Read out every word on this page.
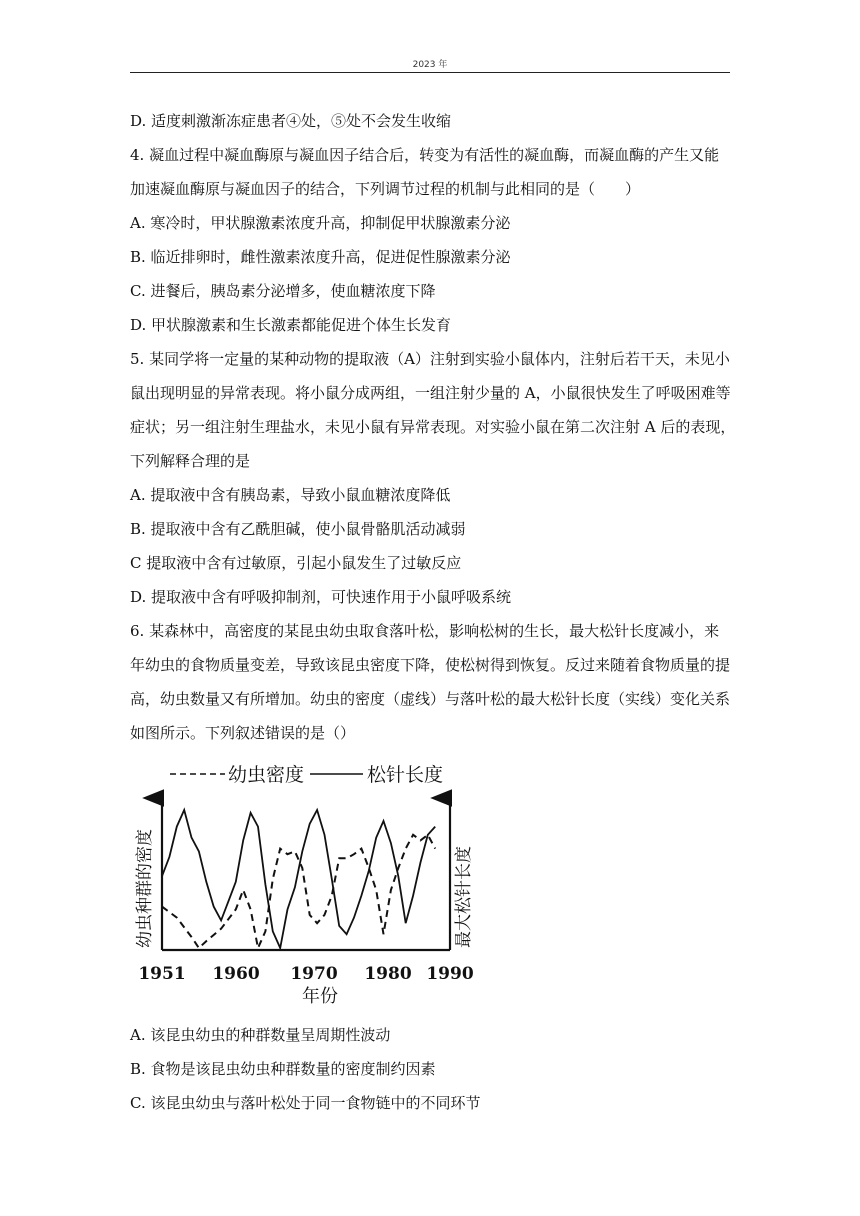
2023 年
D. 适度刺激渐冻症患者④处，⑤处不会发生收缩
4. 凝血过程中凝血酶原与凝血因子结合后，转变为有活性的凝血酶，而凝血酶的产生又能
加速凝血酶原与凝血因子的结合，下列调节过程的机制与此相同的是（　　）
A. 寒冷时，甲状腺激素浓度升高，抑制促甲状腺激素分泌
B. 临近排卵时，雌性激素浓度升高，促进促性腺激素分泌
C. 进餐后，胰岛素分泌增多，使血糖浓度下降
D. 甲状腺激素和生长激素都能促进个体生长发育
5. 某同学将一定量的某种动物的提取液（A）注射到实验小鼠体内，注射后若干天，未见小
鼠出现明显的异常表现。将小鼠分成两组，一组注射少量的 A，小鼠很快发生了呼吸困难等
症状；另一组注射生理盐水，未见小鼠有异常表现。对实验小鼠在第二次注射 A 后的表现，
下列解释合理的是
A. 提取液中含有胰岛素，导致小鼠血糖浓度降低
B. 提取液中含有乙酰胆碱，使小鼠骨骼肌活动减弱
C 提取液中含有过敏原，引起小鼠发生了过敏反应
D. 提取液中含有呼吸抑制剂，可快速作用于小鼠呼吸系统
6. 某森林中，高密度的某昆虫幼虫取食落叶松，影响松树的生长，最大松针长度减小，来
年幼虫的食物质量变差，导致该昆虫密度下降，使松树得到恢复。反过来随着食物质量的提
高，幼虫数量又有所增加。幼虫的密度（虚线）与落叶松的最大松针长度（实线）变化关系
如图所示。下列叙述错误的是（）
幼虫密度	松针长度
幼虫种群的密度	最大松针长度
1951 1960 1970 1980 1990
年份
A. 该昆虫幼虫的种群数量呈周期性波动
B. 食物是该昆虫幼虫种群数量的密度制约因素
C. 该昆虫幼虫与落叶松处于同一食物链中的不同环节
